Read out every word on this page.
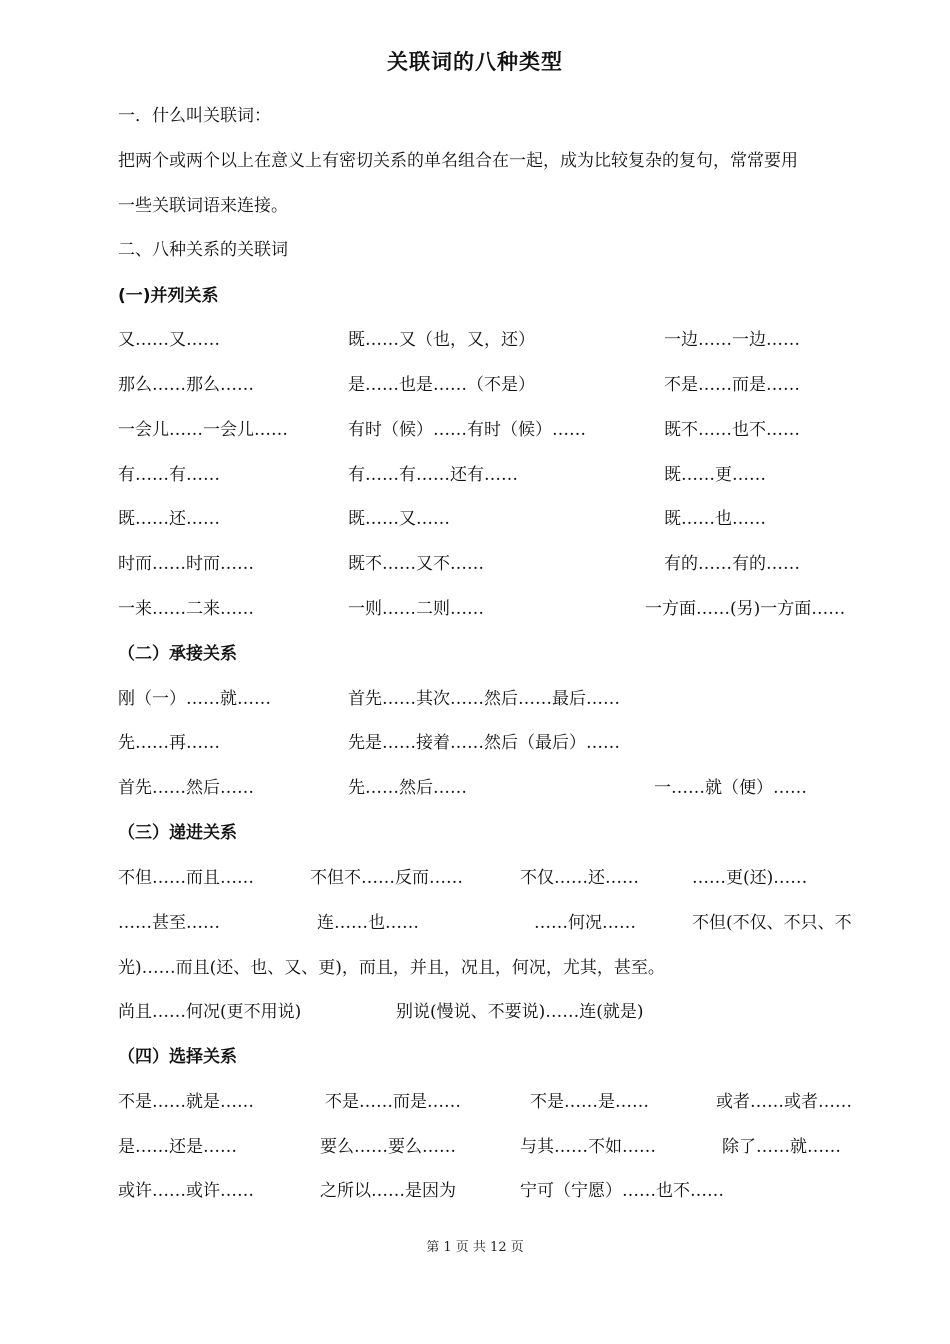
关联词的八种类型
一．什么叫关联词：
把两个或两个以上在意义上有密切关系的单名组合在一起，成为比较复杂的复句，常常要用
一些关联词语来连接。
二、八种关系的关联词
(一)并列关系
又……又……	既……又（也，又，还）	一边……一边……
那么……那么……	是……也是……（不是）	不是……而是……
一会儿……一会儿……	有时（候）……有时（候）……	既不……也不……
有……有……	有……有……还有……	既……更……
既……还……	既……又……	既……也……
时而……时而……	既不……又不……	有的……有的……
一来……二来……	一则……二则……	一方面……(另)一方面……
（二）承接关系
刚（一）……就……	首先……其次……然后……最后……
先……再……	先是……接着……然后（最后）……
首先……然后……	先……然后……	一……就（便）……
（三）递进关系
不但……而且……	不但不……反而……	不仅……还……	……更(还)……
……甚至……	连……也……	……何况……	不但(不仅、不只、不
光)……而且(还、也、又、更)，而且，并且，况且，何况，尤其，甚至。
尚且……何况(更不用说)	别说(慢说、不要说)……连(就是)
（四）选择关系
不是……就是……	不是……而是……	不是……是……	或者……或者……
是……还是……	要么……要么……	与其……不如……	除了……就……
或许……或许……	之所以……是因为	宁可（宁愿）……也不……
第 1 页 共 12 页
